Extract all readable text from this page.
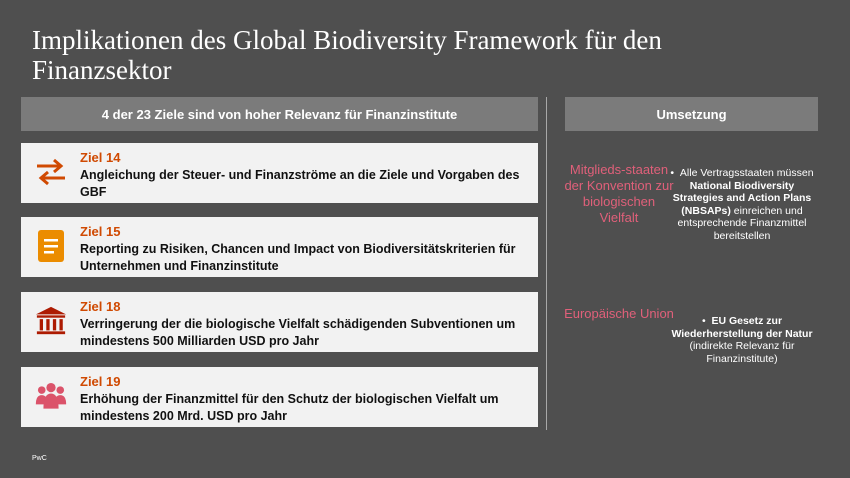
Implikationen des Global Biodiversity Framework für den Finanzsektor
4 der 23 Ziele sind von hoher Relevanz für Finanzinstitute	Umsetzung
Ziel 14
Angleichung der Steuer- und Finanzströme an die Ziele und Vorgaben des GBF
Ziel 15
Reporting zu Risiken, Chancen und Impact von Biodiversitätskriterien für Unternehmen und Finanzinstitute
Ziel 18
Verringerung der die biologische Vielfalt schädigenden Subventionen um mindestens 500 Milliarden USD pro Jahr
Ziel 19
Erhöhung der Finanzmittel für den Schutz der biologischen Vielfalt um mindestens 200 Mrd. USD pro Jahr
Mitglieds-staaten der Konvention zur biologischen Vielfalt
•  Alle Vertragsstaaten müssen National Biodiversity Strategies and Action Plans (NBSAPs) einreichen und entsprechende Finanzmittel bereitstellen
Europäische Union	•  EU Gesetz zur Wiederherstellung der Natur (indirekte Relevanz für Finanzinstitute)
PwC
